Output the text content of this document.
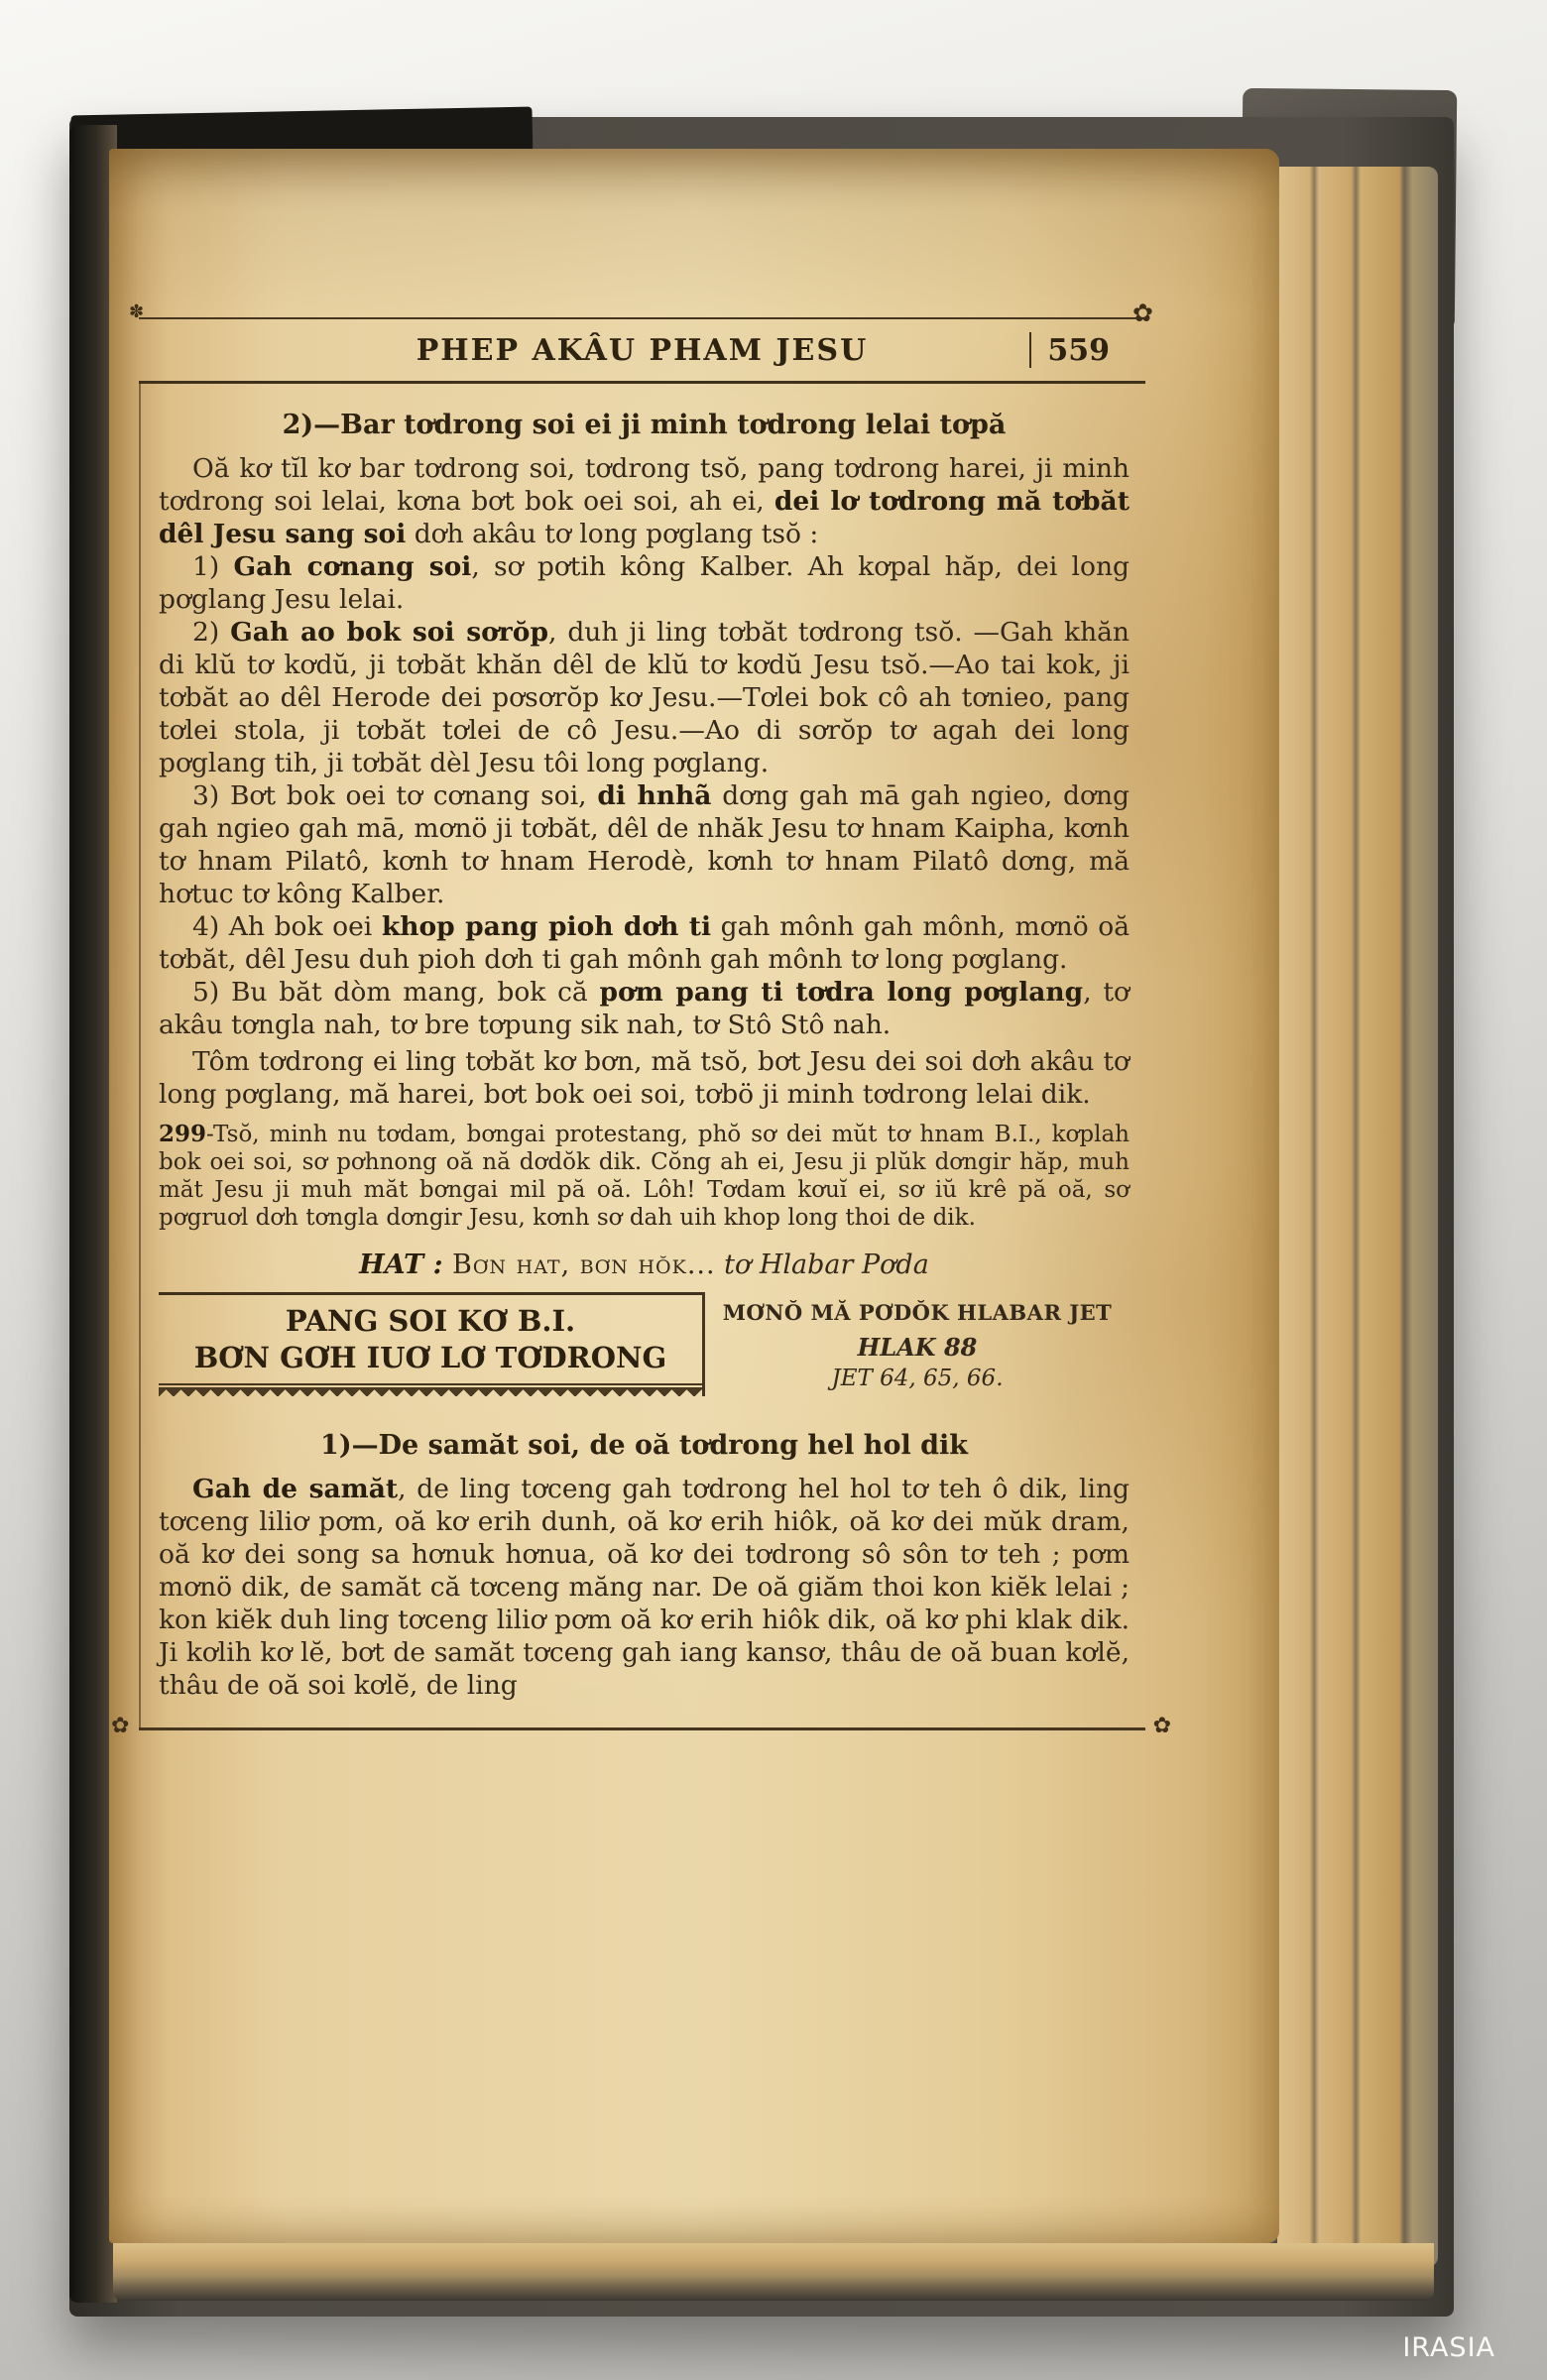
✽	✿
PHEP AKÂU PHAM JESU	559
2)—Bar tơdrong soi ei ji minh tơdrong lelai tơpă

Oă kơ tĭl kơ bar tơdrong soi, tơdrong tsŏ, pang tơdrong harei, ji minh tơdrong soi lelai, kơna bơt bok oei soi, ah ei, dei lơ tơdrong mă tơbăt dêl Jesu sang soi dơh akâu tơ long pơglang tsŏ :

1) Gah cơnang soi, sơ pơtih kông Kalber. Ah kơpal hăp, dei long pơglang Jesu lelai.

2) Gah ao bok soi sơrŏp, duh ji ling tơbăt tơdrong tsŏ. —Gah khăn di klŭ tơ kơdŭ, ji tơbăt khăn dêl de klŭ tơ kơdŭ Jesu tsŏ.—Ao tai kok, ji tơbăt ao dêl Herode dei pơsơrŏp kơ Jesu.—Tơlei bok cô ah tơnieo, pang tơlei stola, ji tơbăt tơlei de cô Jesu.—Ao di sơrŏp tơ agah dei long pơglang tih, ji tơbăt dèl Jesu tôi long pơglang.

3) Bơt bok oei tơ cơnang soi, di hnhã dơng gah mā gah ngieo, dơng gah ngieo gah mā, mơnö ji tơbăt, dêl de nhăk Jesu tơ hnam Kaipha, kơnh tơ hnam Pilatô, kơnh tơ hnam Herodè, kơnh tơ hnam Pilatô dơng, mă hơtuc tơ kông Kalber.

4) Ah bok oei khop pang pioh dơh ti gah mônh gah mônh, mơnö oă tơbăt, dêl Jesu duh pioh dơh ti gah mônh gah mônh tơ long pơglang.

5) Bu băt dòm mang, bok că pơm pang ti tơdra long pơglang, tơ akâu tơngla nah, tơ bre tơpung sik nah, tơ Stô Stô nah.

Tôm tơdrong ei ling tơbăt kơ bơn, mă tsŏ, bơt Jesu dei soi dơh akâu tơ long pơglang, mă harei, bơt bok oei soi, tơbö ji minh tơdrong lelai dik.

299-Tsŏ, minh nu tơdam, bơngai protestang, phŏ sơ dei mŭt tơ hnam B.I., kơplah bok oei soi, sơ pơhnong oă nă dơdŏk dik. Cŏng ah ei, Jesu ji plŭk dơngir hăp, muh măt Jesu ji muh măt bơngai mil pă oă. Lôh! Tơdam kơuĭ ei, sơ iŭ krê pă oă, sơ pơgruơl dơh tơngla dơngir Jesu, kơnh sơ dah uih khop long thoi de dik.

HAT : Bơn hat, bơn hŏk... tơ Hlabar Pơda

PANG SOI KƠ B.I.
BƠN GƠH IUƠ LƠ TƠDRONG
MƠNŎ MĂ PƠDŎK HLABAR JET
HLAK 88
JET 64, 65, 66.
1)—De samăt soi, de oă tơdrong hel hol dik

Gah de samăt, de ling tơceng gah tơdrong hel hol tơ teh ô dik, ling tơceng liliơ pơm, oă kơ erih dunh, oă kơ erih hiôk, oă kơ dei mŭk dram, oă kơ dei song sa hơnuk hơnua, oă kơ dei tơdrong sô sôn tơ teh ; pơm mơnö dik, de samăt că tơceng măng nar. De oă giăm thoi kon kiĕk lelai ; kon kiĕk duh ling tơceng liliơ pơm oă kơ erih hiôk dik, oă kơ phi klak dik. Ji kơlih kơ lĕ, bơt de samăt tơceng gah iang kansơ, thâu de oă buan kơlĕ, thâu de oă soi kơlĕ, de ling

✿	✿
IRASIA
